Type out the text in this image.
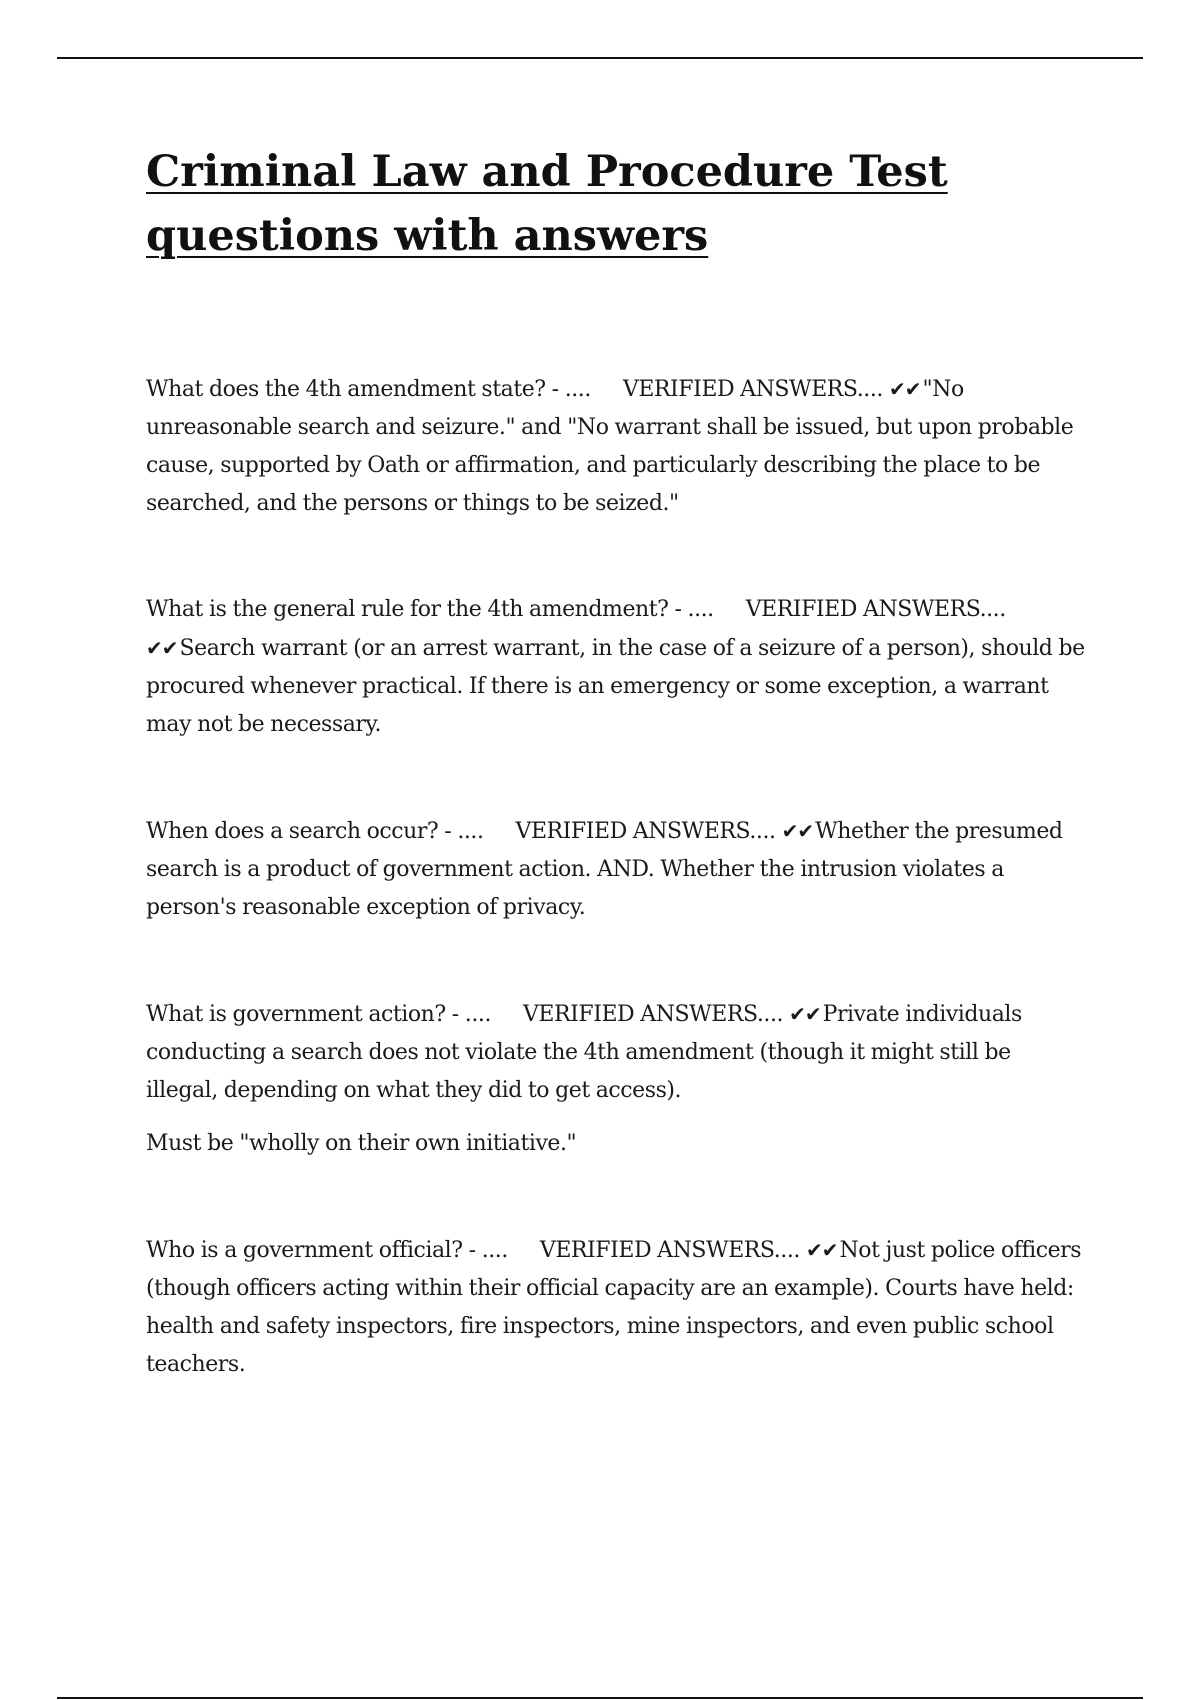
Criminal Law and Procedure Test questions with answers

What does the 4th amendment state? - .... VERIFIED ANSWERS.... ✔✔"No unreasonable search and seizure." and "No warrant shall be issued, but upon probable cause, supported by Oath or affirmation, and particularly describing the place to be searched, and the persons or things to be seized."

What is the general rule for the 4th amendment? - .... VERIFIED ANSWERS.... ✔✔Search warrant (or an arrest warrant, in the case of a seizure of a person), should be procured whenever practical. If there is an emergency or some exception, a warrant may not be necessary.

When does a search occur? - .... VERIFIED ANSWERS.... ✔✔Whether the presumed search is a product of government action. AND. Whether the intrusion violates a person's reasonable exception of privacy.

What is government action? - .... VERIFIED ANSWERS.... ✔✔Private individuals conducting a search does not violate the 4th amendment (though it might still be illegal, depending on what they did to get access).

Must be "wholly on their own initiative."

Who is a government official? - .... VERIFIED ANSWERS.... ✔✔Not just police officers (though officers acting within their official capacity are an example). Courts have held: health and safety inspectors, fire inspectors, mine inspectors, and even public school teachers.
